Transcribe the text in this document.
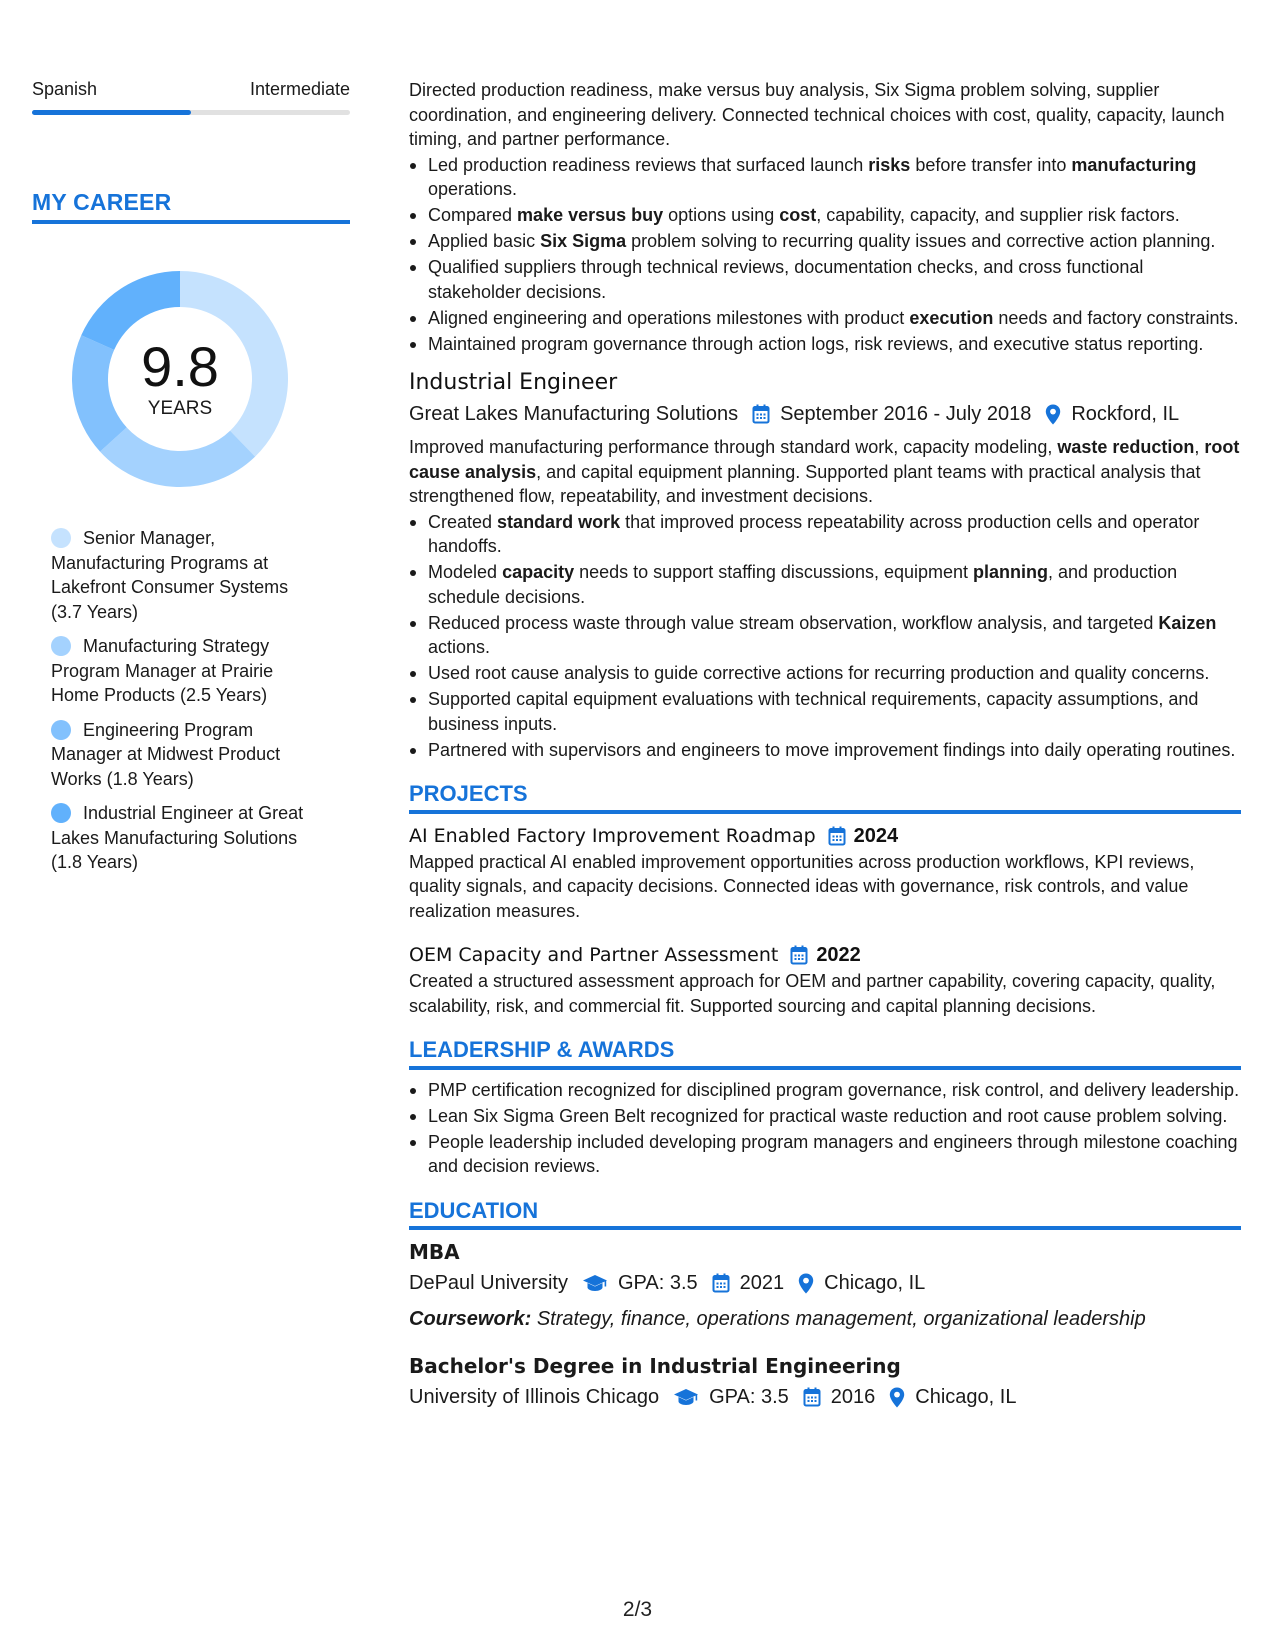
Spanish	Intermediate
MY CAREER
9.8
YEARS
Senior Manager, Manufacturing Programs at Lakefront Consumer Systems (3.7 Years)
Manufacturing Strategy Program Manager at Prairie Home Products (2.5 Years)
Engineering Program Manager at Midwest Product Works (1.8 Years)
Industrial Engineer at Great Lakes Manufacturing Solutions (1.8 Years)

Directed production readiness, make versus buy analysis, Six Sigma problem solving, supplier coordination, and engineering delivery. Connected technical choices with cost, quality, capacity, launch timing, and partner performance.

Led production readiness reviews that surfaced launch risks before transfer into manufacturing operations.
Compared make versus buy options using cost, capability, capacity, and supplier risk factors.
Applied basic Six Sigma problem solving to recurring quality issues and corrective action planning.
Qualified suppliers through technical reviews, documentation checks, and cross functional stakeholder decisions.
Aligned engineering and operations milestones with product execution needs and factory constraints.
Maintained program governance through action logs, risk reviews, and executive status reporting.
Industrial Engineer
Great Lakes Manufacturing Solutions September 2016 - July 2018 Rockford, IL

Improved manufacturing performance through standard work, capacity modeling, waste reduction, root cause analysis, and capital equipment planning. Supported plant teams with practical analysis that strengthened flow, repeatability, and investment decisions.

Created standard work that improved process repeatability across production cells and operator handoffs.
Modeled capacity needs to support staffing discussions, equipment planning, and production schedule decisions.
Reduced process waste through value stream observation, workflow analysis, and targeted Kaizen actions.
Used root cause analysis to guide corrective actions for recurring production and quality concerns.
Supported capital equipment evaluations with technical requirements, capacity assumptions, and business inputs.
Partnered with supervisors and engineers to move improvement findings into daily operating routines.
PROJECTS
AI Enabled Factory Improvement Roadmap 2024

Mapped practical AI enabled improvement opportunities across production workflows, KPI reviews, quality signals, and capacity decisions. Connected ideas with governance, risk controls, and value realization measures.

OEM Capacity and Partner Assessment 2022

Created a structured assessment approach for OEM and partner capability, covering capacity, quality, scalability, risk, and commercial fit. Supported sourcing and capital planning decisions.

LEADERSHIP & AWARDS
PMP certification recognized for disciplined program governance, risk control, and delivery leadership.
Lean Six Sigma Green Belt recognized for practical waste reduction and root cause problem solving.
People leadership included developing program managers and engineers through milestone coaching and decision reviews.
EDUCATION
MBA
DePaul University	GPA: 3.5 2021 Chicago, IL
Coursework: Strategy, finance, operations management, organizational leadership
Bachelor's Degree in Industrial Engineering
University of Illinois Chicago	GPA: 3.5 2016 Chicago, IL
2/3
